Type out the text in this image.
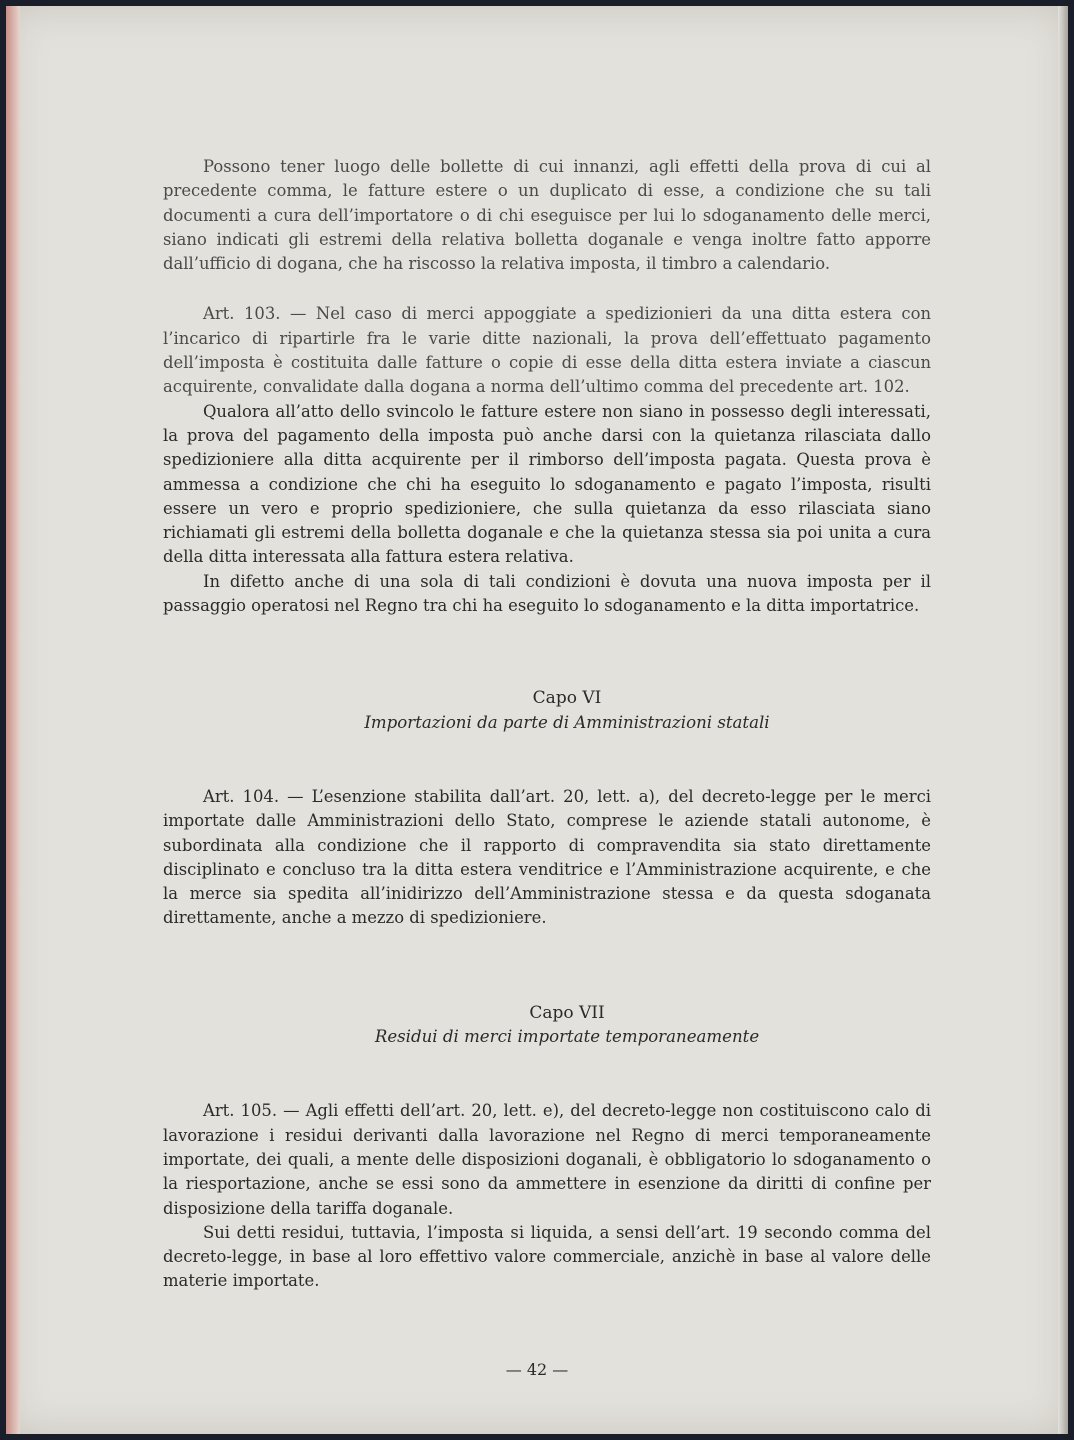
Possono tener luogo delle bollette di cui innanzi, agli effetti della prova di cui al precedente comma, le fatture estere o un duplicato di esse, a condizione che su tali documenti a cura dell’importatore o di chi eseguisce per lui lo sdoganamento delle merci, siano indicati gli estremi della relativa bolletta doganale e venga inoltre fatto apporre dall’ufficio di dogana, che ha riscosso la relativa imposta, il timbro a calendario.

Art. 103. — Nel caso di merci appoggiate a spedizionieri da una ditta estera con l’incarico di ripartirle fra le varie ditte nazionali, la prova dell’effettuato pagamento dell’imposta è costituita dalle fatture o copie di esse della ditta estera inviate a ciascun acquirente, convalidate dalla dogana a norma dell’ultimo comma del precedente art. 102.

Qualora all’atto dello svincolo le fatture estere non siano in possesso degli interessati, la prova del pagamento della imposta può anche darsi con la quietanza rilasciata dallo spedizioniere alla ditta acquirente per il rimborso dell’imposta pagata. Questa prova è ammessa a condizione che chi ha eseguito lo sdoganamento e pagato l’imposta, risulti essere un vero e proprio spedizioniere, che sulla quietanza da esso rilasciata siano richiamati gli estremi della bolletta doganale e che la quietanza stessa sia poi unita a cura della ditta interessata alla fattura estera relativa.

In difetto anche di una sola di tali condizioni è dovuta una nuova imposta per il passaggio operatosi nel Regno tra chi ha eseguito lo sdoganamento e la ditta importatrice.

Capo VI

Importazioni da parte di Amministrazioni statali

Art. 104. — L’esenzione stabilita dall’art. 20, lett. a), del decreto-legge per le merci importate dalle Amministrazioni dello Stato, comprese le aziende statali autonome, è subordinata alla condizione che il rapporto di compravendita sia stato direttamente disciplinato e concluso tra la ditta estera venditrice e l’Amministrazione acquirente, e che la merce sia spedita all’inidirizzo dell’Amministrazione stessa e da questa sdoganata direttamente, anche a mezzo di spedizioniere.

Capo VII

Residui di merci importate temporaneamente

Art. 105. — Agli effetti dell’art. 20, lett. e), del decreto-legge non costituiscono calo di lavorazione i residui derivanti dalla lavorazione nel Regno di merci temporaneamente importate, dei quali, a mente delle disposizioni doganali, è obbligatorio lo sdoganamento o la riesportazione, anche se essi sono da ammettere in esenzione da diritti di confine per disposizione della tariffa doganale.

Sui detti residui, tuttavia, l’imposta si liquida, a sensi dell’art. 19 secondo comma del decreto-legge, in base al loro effettivo valore commerciale, anzichè in base al valore delle materie importate.

— 42 —
